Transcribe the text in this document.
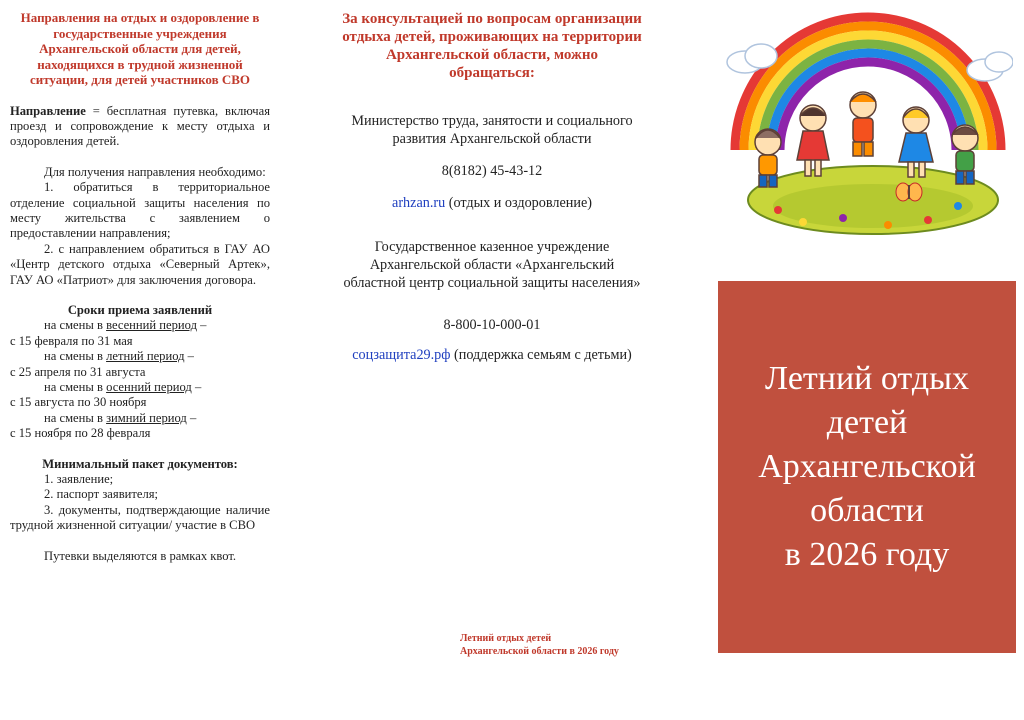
Направления на отдых и оздоровление в государственные учреждения Архангельской области для детей, находящихся в трудной жизненной ситуации, для детей участников СВО

Направление = бесплатная путевка, включая проезд и сопровождение к месту отдыха и оздоровления детей.

Для получения направления необходимо:

1. обратиться в территориальное отделение социальной защиты населения по месту жительства с заявлением о предоставлении направления;

2. с направлением обратиться в ГАУ АО «Центр детского отдыха «Северный Артек», ГАУ АО «Патриот» для заключения договора.

Сроки приема заявлений

на смены в весенний период –

с 15 февраля по 31 мая

на смены в летний период –

с 25 апреля по 31 августа

на смены в осенний период –

с 15 августа по 30 ноября

на смены в зимний период –

с 15 ноября по 28 февраля

Минимальный пакет документов:

1. заявление;

2. паспорт заявителя;

3. документы, подтверждающие наличие трудной жизненной ситуации/ участие в СВО

Путевки выделяются в рамках квот.

За консультацией по вопросам организации отдыха детей, проживающих на территории Архангельской области, можно обращаться:

Министерство труда, занятости и социального развития Архангельской области

8(8182) 45-43-12

arhzan.ru (отдых и оздоровление)

Государственное казенное учреждение Архангельской области «Архангельский областной центр социальной защиты населения»

8-800-10-000-01

соцзащита29.рф (поддержка семьям с детьми)

Летний отдых детей Архангельской области в 2026 году

Летний отдых
детей
Архангельской
области
в 2026 году
